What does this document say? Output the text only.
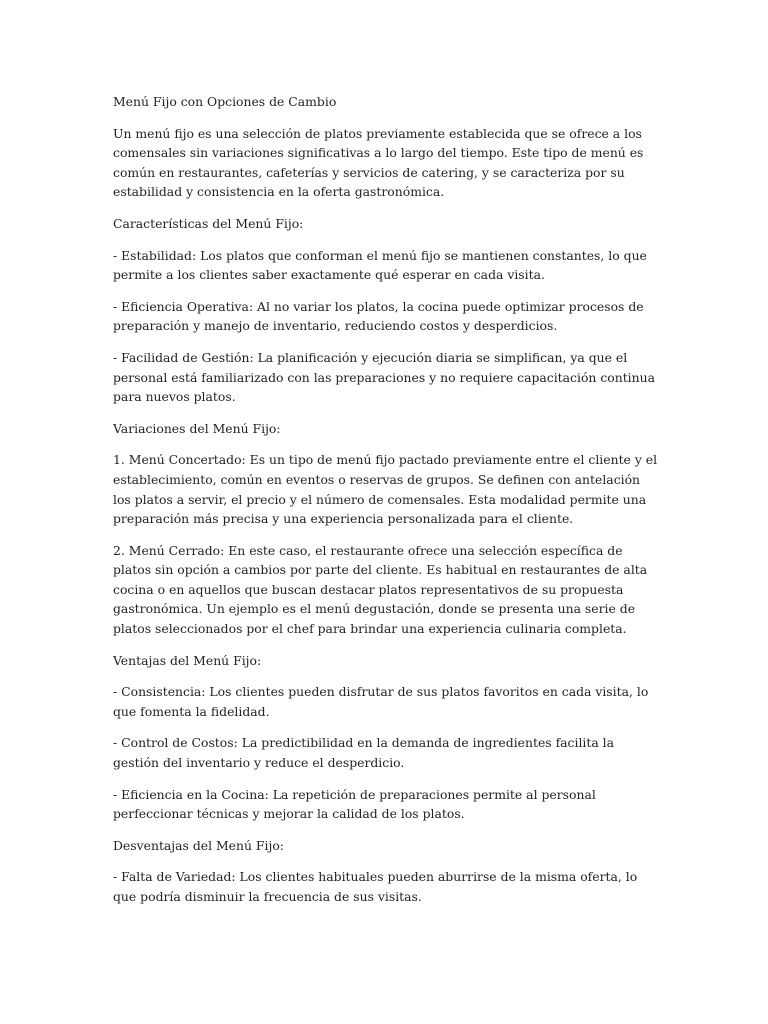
Menú Fijo con Opciones de Cambio

Un menú fijo es una selección de platos previamente establecida que se ofrece a los comensales sin variaciones significativas a lo largo del tiempo. Este tipo de menú es común en restaurantes, cafeterías y servicios de catering, y se caracteriza por su estabilidad y consistencia en la oferta gastronómica.

Características del Menú Fijo:

- Estabilidad: Los platos que conforman el menú fijo se mantienen constantes, lo que permite a los clientes saber exactamente qué esperar en cada visita.

- Eficiencia Operativa: Al no variar los platos, la cocina puede optimizar procesos de preparación y manejo de inventario, reduciendo costos y desperdicios.

- Facilidad de Gestión: La planificación y ejecución diaria se simplifican, ya que el personal está familiarizado con las preparaciones y no requiere capacitación continua para nuevos platos.

Variaciones del Menú Fijo:

1. Menú Concertado: Es un tipo de menú fijo pactado previamente entre el cliente y el establecimiento, común en eventos o reservas de grupos. Se definen con antelación los platos a servir, el precio y el número de comensales. Esta modalidad permite una preparación más precisa y una experiencia personalizada para el cliente.

2. Menú Cerrado: En este caso, el restaurante ofrece una selección específica de platos sin opción a cambios por parte del cliente. Es habitual en restaurantes de alta cocina o en aquellos que buscan destacar platos representativos de su propuesta gastronómica. Un ejemplo es el menú degustación, donde se presenta una serie de platos seleccionados por el chef para brindar una experiencia culinaria completa.

Ventajas del Menú Fijo:

- Consistencia: Los clientes pueden disfrutar de sus platos favoritos en cada visita, lo que fomenta la fidelidad.

- Control de Costos: La predictibilidad en la demanda de ingredientes facilita la gestión del inventario y reduce el desperdicio.

- Eficiencia en la Cocina: La repetición de preparaciones permite al personal perfeccionar técnicas y mejorar la calidad de los platos.

Desventajas del Menú Fijo:

- Falta de Variedad: Los clientes habituales pueden aburrirse de la misma oferta, lo que podría disminuir la frecuencia de sus visitas.
